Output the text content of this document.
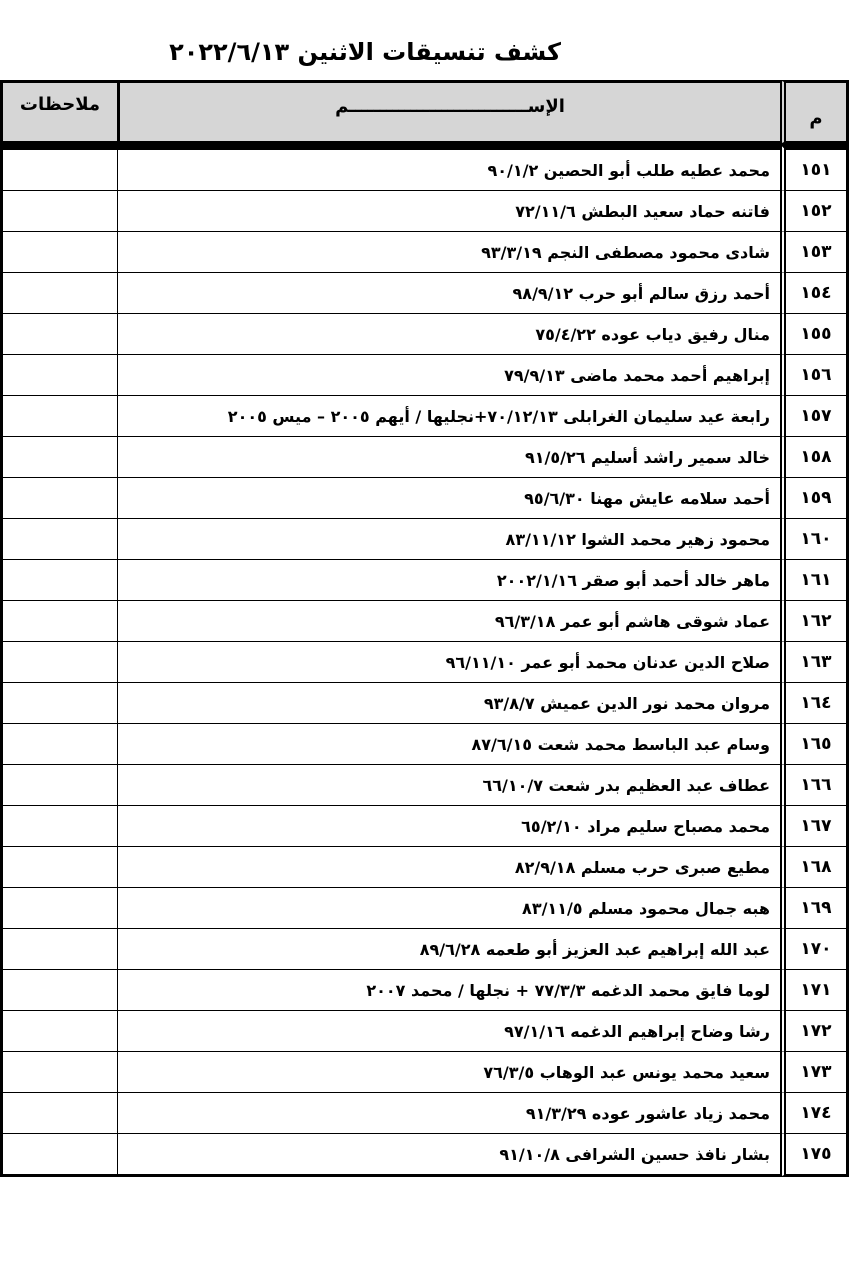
كشف تنسيقات الاثنين ٢٠٢٢/٦/١٣
م	الإســـــــــــــــــــــــــــــم	ملاحظات
١٥١	محمد عطيه طلب أبو الحصين ٩٠/١/٢	
١٥٢	فاتنه حماد سعيد البطش ٧٢/١١/٦	
١٥٣	شادى محمود مصطفى النجم ٩٣/٣/١٩	
١٥٤	أحمد رزق سالم أبو حرب ٩٨/٩/١٢	
١٥٥	منال رفيق دياب عوده ٧٥/٤/٢٢	
١٥٦	إبراهيم أحمد محمد ماضى ٧٩/٩/١٣	
١٥٧	رابعة عيد سليمان الغرابلى ٧٠/١٢/١٣+نجليها / أيهم ٢٠٠٥ – ميس ٢٠٠٥	
١٥٨	خالد سمير راشد أسليم ٩١/٥/٢٦	
١٥٩	أحمد سلامه عايش مهنا ٩٥/٦/٣٠	
١٦٠	محمود زهير محمد الشوا ٨٣/١١/١٢	
١٦١	ماهر خالد أحمد أبو صقر ٢٠٠٢/١/١٦	
١٦٢	عماد شوقى هاشم أبو عمر ٩٦/٣/١٨	
١٦٣	صلاح الدين عدنان محمد أبو عمر ٩٦/١١/١٠	
١٦٤	مروان محمد نور الدين عميش ٩٣/٨/٧	
١٦٥	وسام عبد الباسط محمد شعت ٨٧/٦/١٥	
١٦٦	عطاف عبد العظيم بدر شعت ٦٦/١٠/٧	
١٦٧	محمد مصباح سليم مراد ٦٥/٢/١٠	
١٦٨	مطيع صبرى حرب مسلم ٨٢/٩/١٨	
١٦٩	هبه جمال محمود مسلم ٨٣/١١/٥	
١٧٠	عبد الله إبراهيم عبد العزيز أبو طعمه ٨٩/٦/٢٨	
١٧١	لوما فايق محمد الدغمه ٧٧/٣/٣ + نجلها / محمد ٢٠٠٧	
١٧٢	رشا وضاح إبراهيم الدغمه ٩٧/١/١٦	
١٧٣	سعيد محمد يونس عبد الوهاب ٧٦/٣/٥	
١٧٤	محمد زياد عاشور عوده ٩١/٣/٢٩	
١٧٥	بشار نافذ حسين الشرافى ٩١/١٠/٨	
